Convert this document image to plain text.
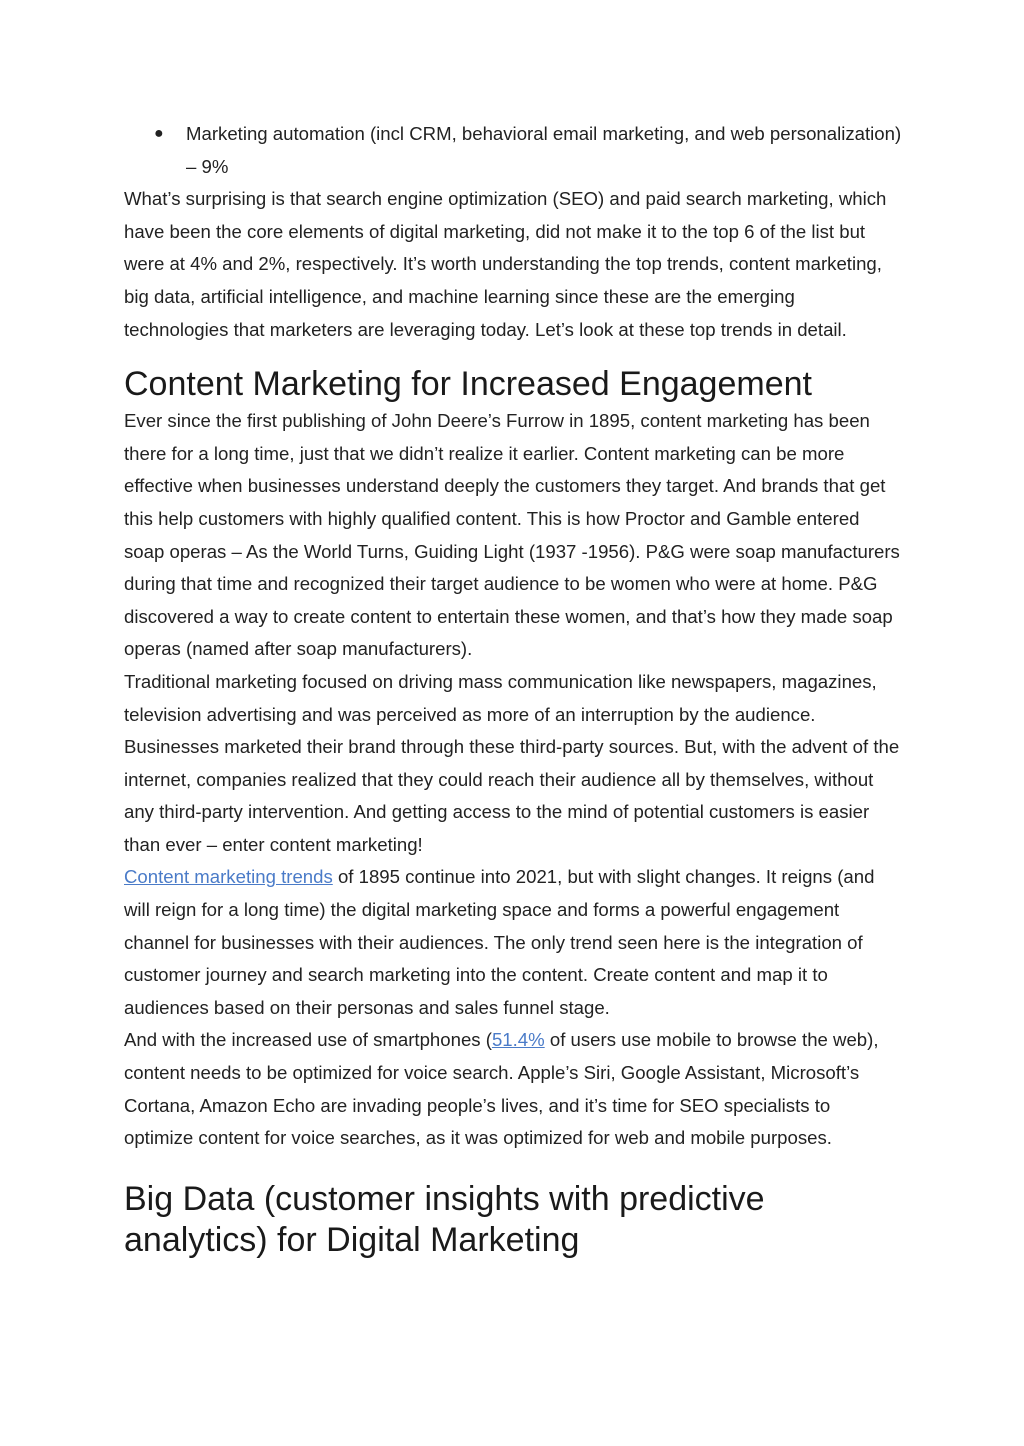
●	Marketing automation (incl CRM, behavioral email marketing, and web personalization) – 9%

What’s surprising is that search engine optimization (SEO) and paid search marketing, which have been the core elements of digital marketing, did not make it to the top 6 of the list but were at 4% and 2%, respectively. It’s worth understanding the top trends, content marketing, big data, artificial intelligence, and machine learning since these are the emerging technologies that marketers are leveraging today. Let’s look at these top trends in detail.

Content Marketing for Increased Engagement

Ever since the first publishing of John Deere’s Furrow in 1895, content marketing has been there for a long time, just that we didn’t realize it earlier. Content marketing can be more effective when businesses understand deeply the customers they target. And brands that get this help customers with highly qualified content. This is how Proctor and Gamble entered soap operas – As the World Turns, Guiding Light (1937 -1956). P&G were soap manufacturers during that time and recognized their target audience to be women who were at home. P&G discovered a way to create content to entertain these women, and that’s how they made soap operas (named after soap manufacturers).

Traditional marketing focused on driving mass communication like newspapers, magazines, television advertising and was perceived as more of an interruption by the audience. Businesses marketed their brand through these third-party sources. But, with the advent of the internet, companies realized that they could reach their audience all by themselves, without any third-party intervention. And getting access to the mind of potential customers is easier than ever – enter content marketing!

Content marketing trends of 1895 continue into 2021, but with slight changes. It reigns (and will reign for a long time) the digital marketing space and forms a powerful engagement channel for businesses with their audiences. The only trend seen here is the integration of customer journey and search marketing into the content. Create content and map it to audiences based on their personas and sales funnel stage.

And with the increased use of smartphones (51.4% of users use mobile to browse the web), content needs to be optimized for voice search. Apple’s Siri, Google Assistant, Microsoft’s Cortana, Amazon Echo are invading people’s lives, and it’s time for SEO specialists to optimize content for voice searches, as it was optimized for web and mobile purposes.

Big Data (customer insights with predictive analytics) for Digital Marketing
